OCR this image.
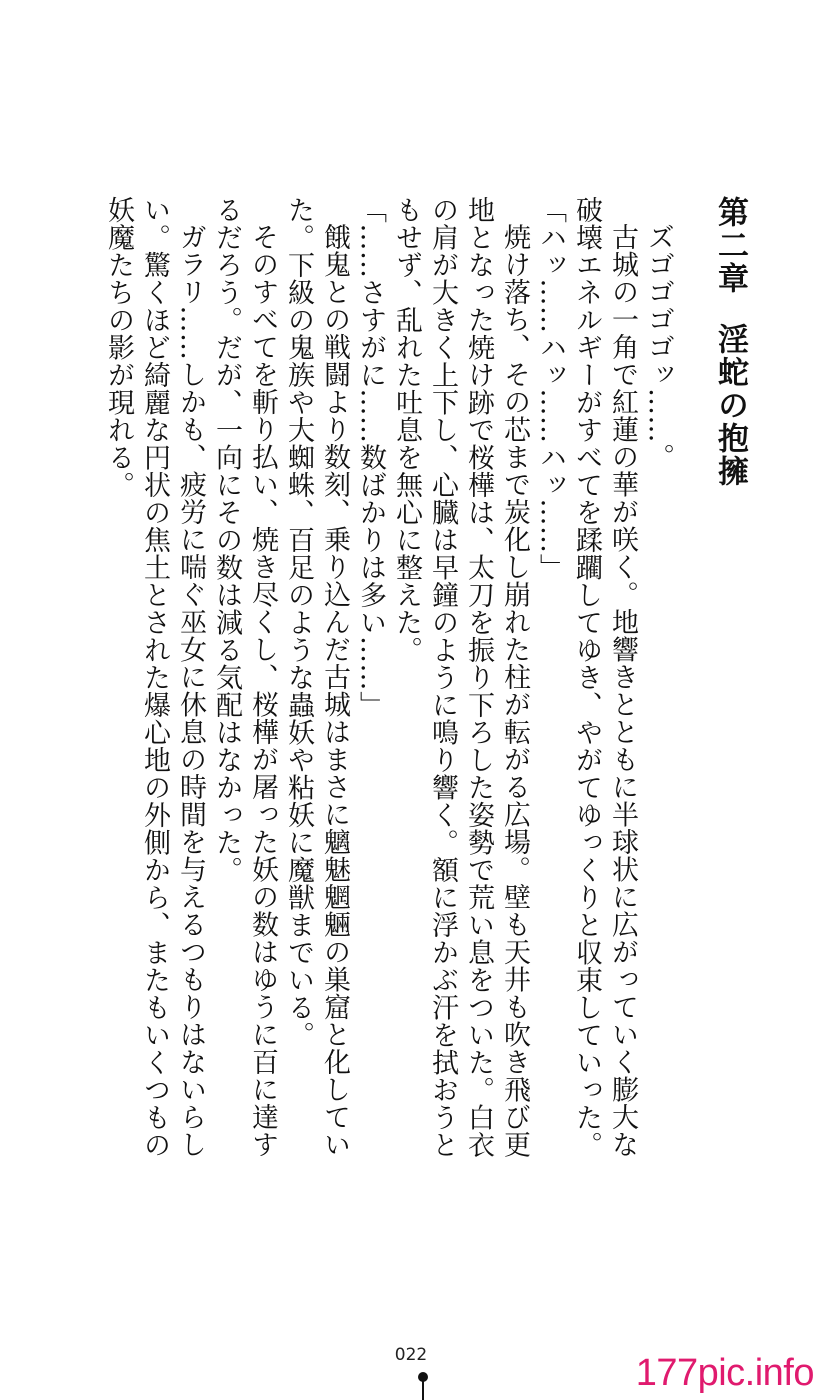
第二章淫蛇の抱擁

ズゴゴゴゴッ……。

古城の一角で紅蓮の華が咲く。地響きとともに半球状に広がっていく膨大な破壊エネルギーがすべてを蹂躙してゆき、やがてゆっくりと収束していった。

「ハッ……ハッ……ハッ……」

焼け落ち、その芯まで炭化し崩れた柱が転がる広場。壁も天井も吹き飛び更地となった焼け跡で桜樺は、太刀を振り下ろした姿勢で荒い息をついた。白衣の肩が大きく上下し、心臓は早鐘のように鳴り響く。額に浮かぶ汗を拭おうともせず、乱れた吐息を無心に整えた。

「……さすがに……数ばかりは多い……」

餓鬼との戦闘より数刻、乗り込んだ古城はまさに魑魅魍魎の巣窟と化していた。下級の鬼族や大蜘蛛、百足のような蟲妖や粘妖に魔獣までいる。

そのすべてを斬り払い、焼き尽くし、桜樺が屠った妖の数はゆうに百に達するだろう。だが、一向にその数は減る気配はなかった。

ガラリ……しかも、疲労に喘ぐ巫女に休息の時間を与えるつもりはないらしい。驚くほど綺麗な円状の焦土とされた爆心地の外側から、またもいくつもの妖魔たちの影が現れる。

022	177pic.info
